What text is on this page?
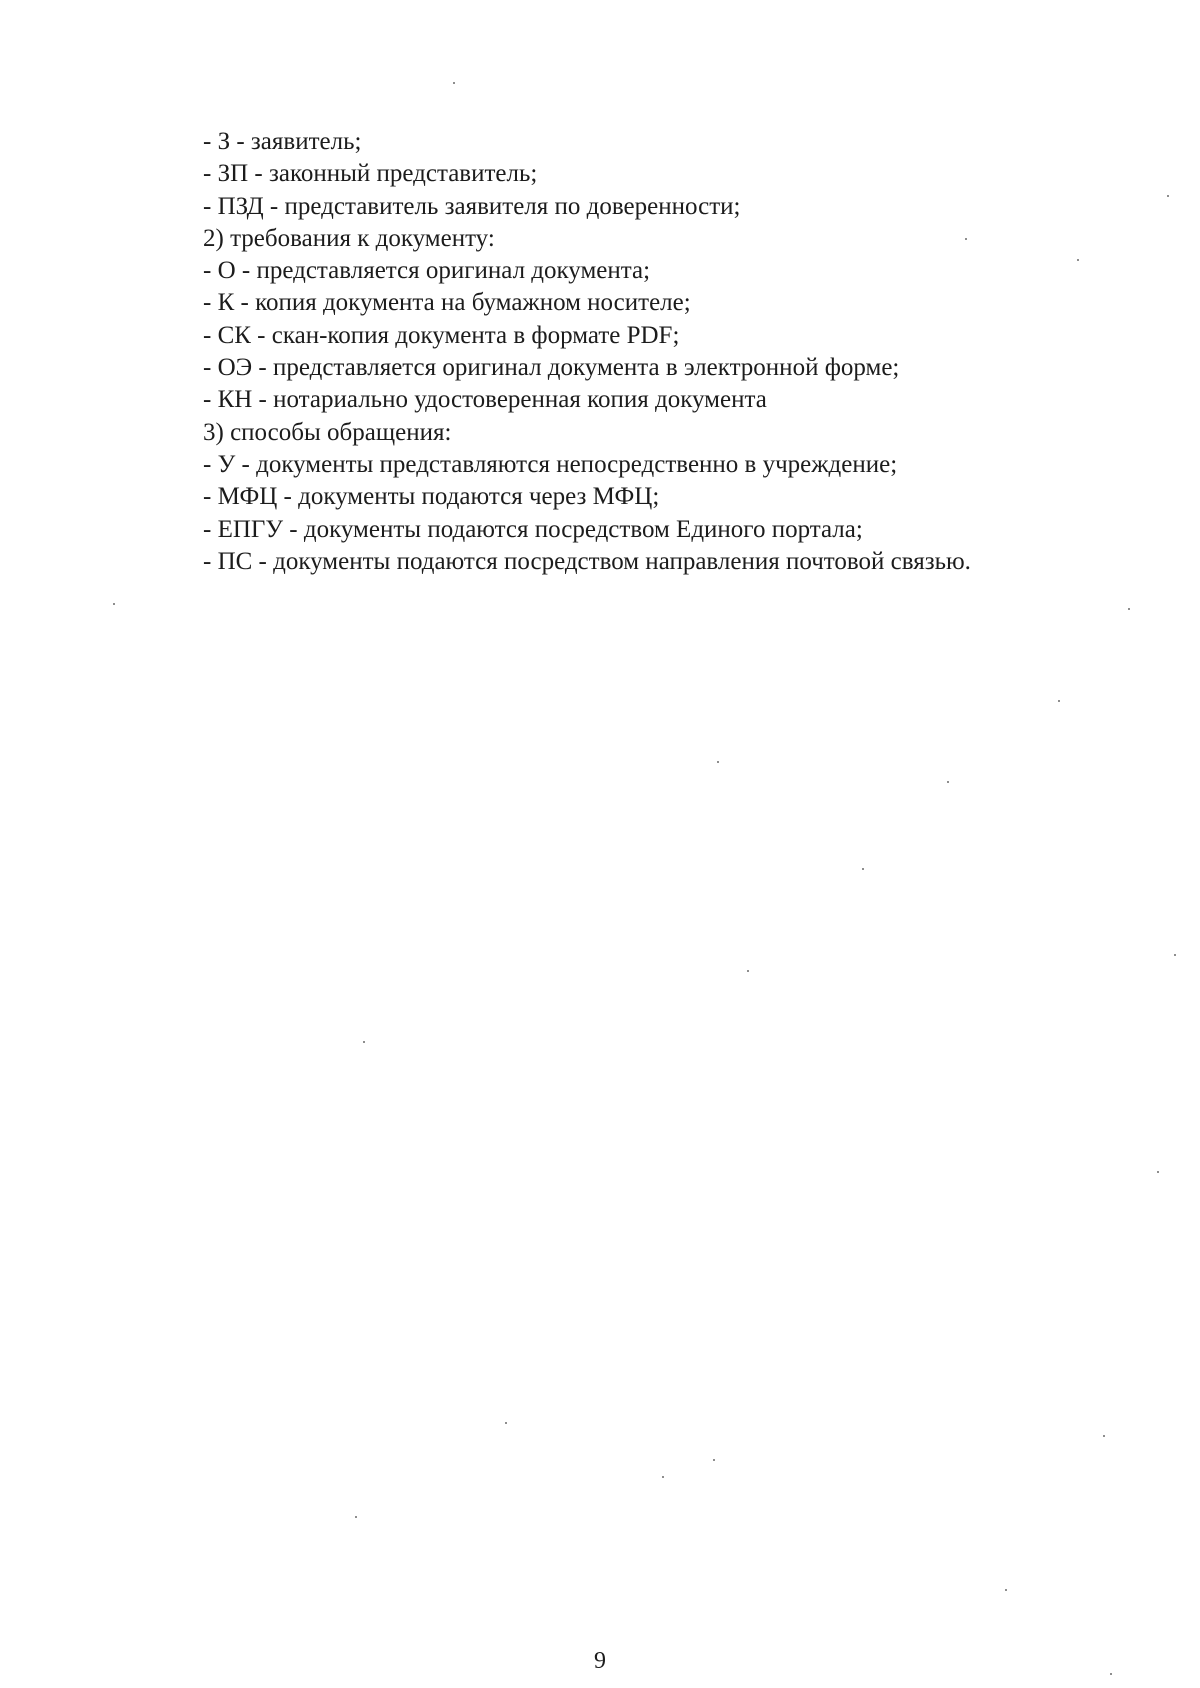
- З - заявитель;
- ЗП - законный представитель;
- ПЗД - представитель заявителя по доверенности;
2) требования к документу:
- О - представляется оригинал документа;
- К - копия документа на бумажном носителе;
- СК - скан-копия документа в формате PDF;
- ОЭ - представляется оригинал документа в электронной форме;
- КН - нотариально удостоверенная копия документа
3) способы обращения:
- У - документы представляются непосредственно в учреждение;
- МФЦ - документы подаются через МФЦ;
- ЕПГУ - документы подаются посредством Единого портала;
- ПС - документы подаются посредством направления почтовой связью.
9
